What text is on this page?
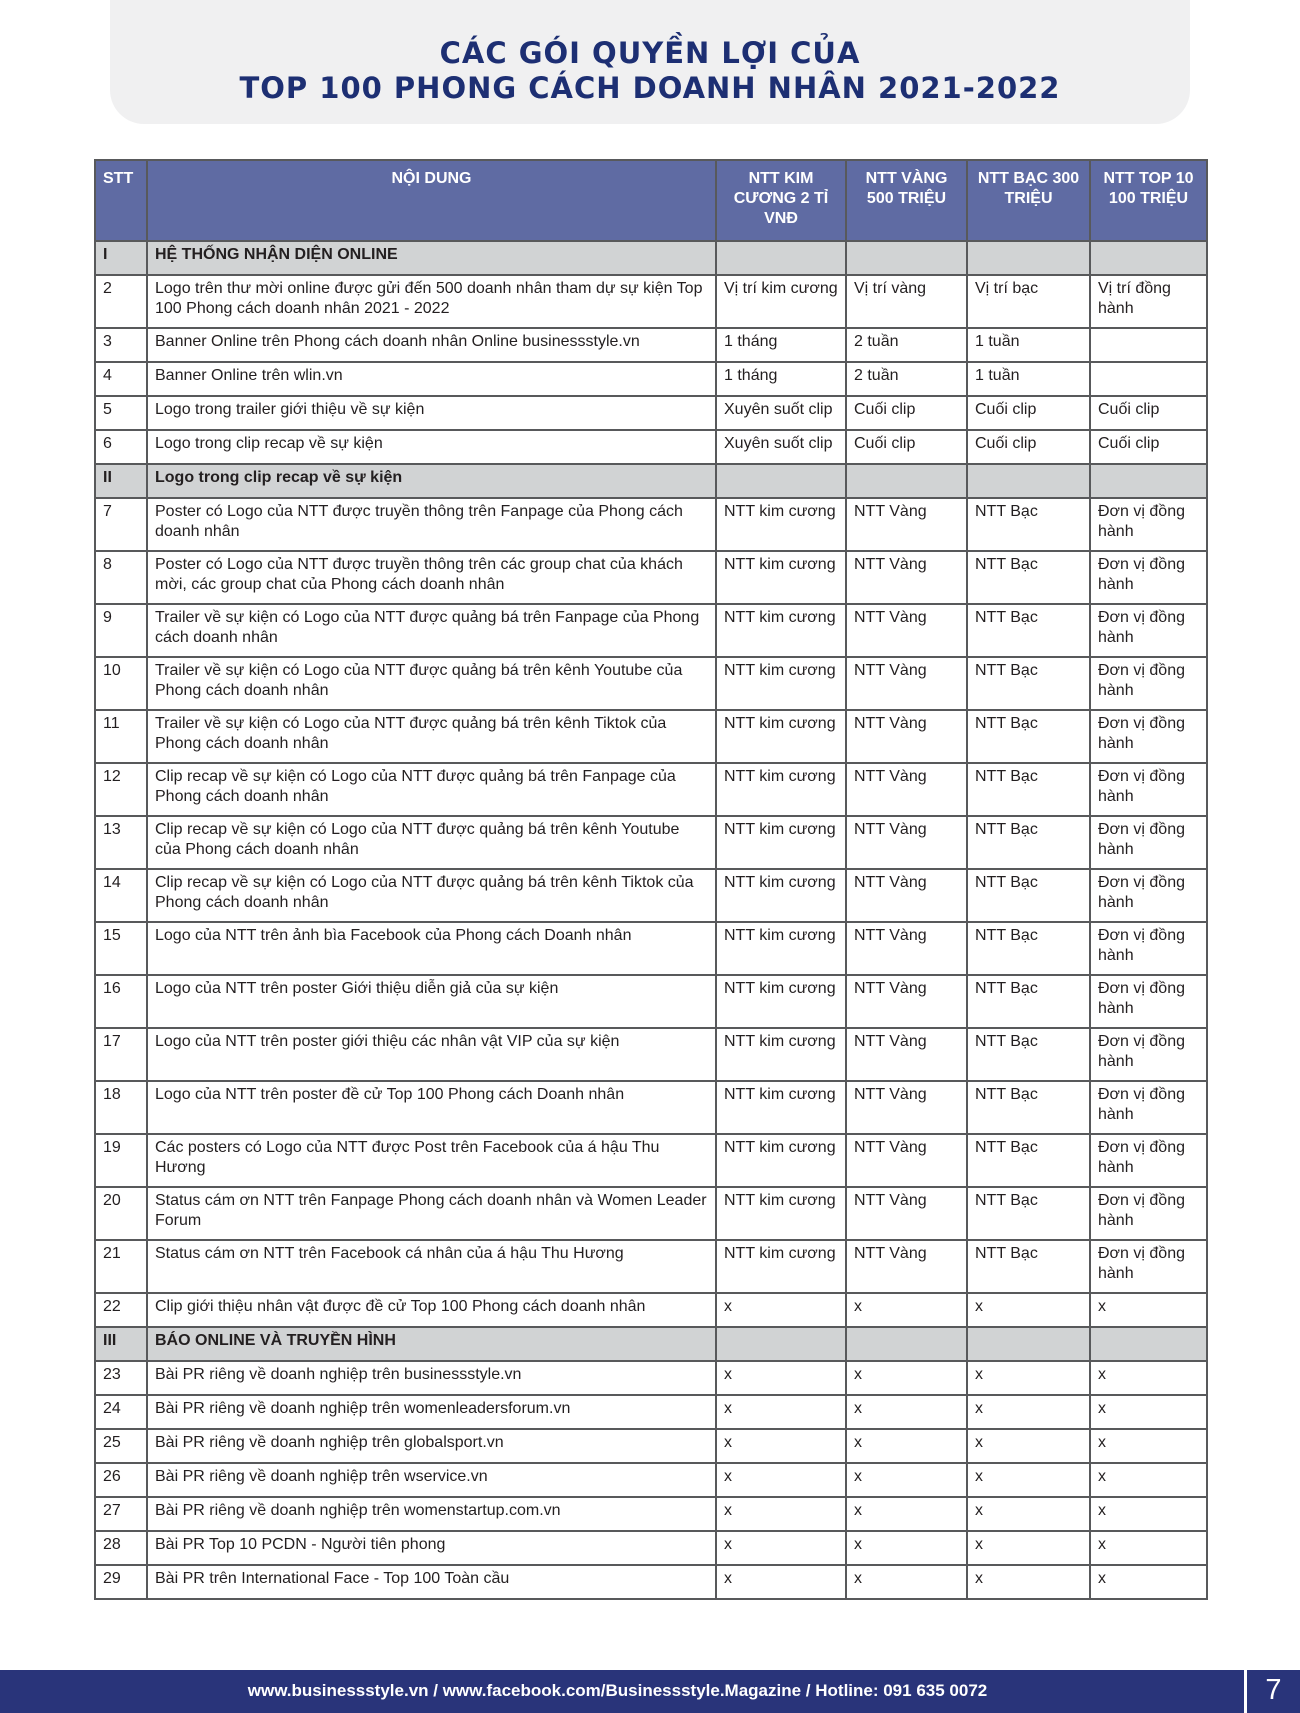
CÁC GÓI QUYỀN LỢI CỦA
TOP 100 PHONG CÁCH DOANH NHÂN 2021-2022
STT	NỘI DUNG	NTT KIM CƯƠNG 2 TỈ VNĐ	NTT VÀNG 500 TRIỆU	NTT BẠC 300 TRIỆU	NTT TOP 10 100 TRIỆU
I	HỆ THỐNG NHẬN DIỆN ONLINE				
2	Logo trên thư mời online được gửi đến 500 doanh nhân tham dự sự kiện Top 100 Phong cách doanh nhân 2021 - 2022	Vị trí kim cương	Vị trí vàng	Vị trí bạc	Vị trí đồng hành
3	Banner Online trên Phong cách doanh nhân Online businessstyle.vn	1 tháng	2 tuần	1 tuần	
4	Banner Online trên wlin.vn	1 tháng	2 tuần	1 tuần	
5	Logo trong trailer giới thiệu về sự kiện	Xuyên suốt clip	Cuối clip	Cuối clip	Cuối clip
6	Logo trong clip recap về sự kiện	Xuyên suốt clip	Cuối clip	Cuối clip	Cuối clip
II	Logo trong clip recap về sự kiện				
7	Poster có Logo của NTT được truyền thông trên Fanpage của Phong cách doanh nhân	NTT kim cương	NTT Vàng	NTT Bạc	Đơn vị đồng hành
8	Poster có Logo của NTT được truyền thông trên các group chat của khách mời, các group chat của Phong cách doanh nhân	NTT kim cương	NTT Vàng	NTT Bạc	Đơn vị đồng hành
9	Trailer về sự kiện có Logo của NTT được quảng bá trên Fanpage của Phong cách doanh nhân	NTT kim cương	NTT Vàng	NTT Bạc	Đơn vị đồng hành
10	Trailer về sự kiện có Logo của NTT được quảng bá trên kênh Youtube của Phong cách doanh nhân	NTT kim cương	NTT Vàng	NTT Bạc	Đơn vị đồng hành
11	Trailer về sự kiện có Logo của NTT được quảng bá trên kênh Tiktok của Phong cách doanh nhân	NTT kim cương	NTT Vàng	NTT Bạc	Đơn vị đồng hành
12	Clip recap về sự kiện có Logo của NTT được quảng bá trên Fanpage của Phong cách doanh nhân	NTT kim cương	NTT Vàng	NTT Bạc	Đơn vị đồng hành
13	Clip recap về sự kiện có Logo của NTT được quảng bá trên kênh Youtube của Phong cách doanh nhân	NTT kim cương	NTT Vàng	NTT Bạc	Đơn vị đồng hành
14	Clip recap về sự kiện có Logo của NTT được quảng bá trên kênh Tiktok của Phong cách doanh nhân	NTT kim cương	NTT Vàng	NTT Bạc	Đơn vị đồng hành
15	Logo của NTT trên ảnh bìa Facebook của Phong cách Doanh nhân	NTT kim cương	NTT Vàng	NTT Bạc	Đơn vị đồng hành
16	Logo của NTT trên poster Giới thiệu diễn giả của sự kiện	NTT kim cương	NTT Vàng	NTT Bạc	Đơn vị đồng hành
17	Logo của NTT trên poster giới thiệu các nhân vật VIP của sự kiện	NTT kim cương	NTT Vàng	NTT Bạc	Đơn vị đồng hành
18	Logo của NTT trên poster đề cử Top 100 Phong cách Doanh nhân	NTT kim cương	NTT Vàng	NTT Bạc	Đơn vị đồng hành
19	Các posters có Logo của NTT được Post trên Facebook của á hậu Thu Hương	NTT kim cương	NTT Vàng	NTT Bạc	Đơn vị đồng hành
20	Status cám ơn NTT trên Fanpage Phong cách doanh nhân và Women Leader Forum	NTT kim cương	NTT Vàng	NTT Bạc	Đơn vị đồng hành
21	Status cám ơn NTT trên Facebook cá nhân của á hậu Thu Hương	NTT kim cương	NTT Vàng	NTT Bạc	Đơn vị đồng hành
22	Clip giới thiệu nhân vật được đề cử Top 100 Phong cách doanh nhân	x	x	x	x
III	BÁO ONLINE VÀ TRUYỀN HÌNH				
23	Bài PR riêng về doanh nghiệp trên businessstyle.vn	x	x	x	x
24	Bài PR riêng về doanh nghiệp trên womenleadersforum.vn	x	x	x	x
25	Bài PR riêng về doanh nghiệp trên globalsport.vn	x	x	x	x
26	Bài PR riêng về doanh nghiệp trên wservice.vn	x	x	x	x
27	Bài PR riêng về doanh nghiệp trên womenstartup.com.vn	x	x	x	x
28	Bài PR Top 10 PCDN - Người tiên phong	x	x	x	x
29	Bài PR trên International Face - Top 100 Toàn cầu	x	x	x	x
www.businessstyle.vn / www.facebook.com/Businessstyle.Magazine / Hotline: 091 635 0072	7
